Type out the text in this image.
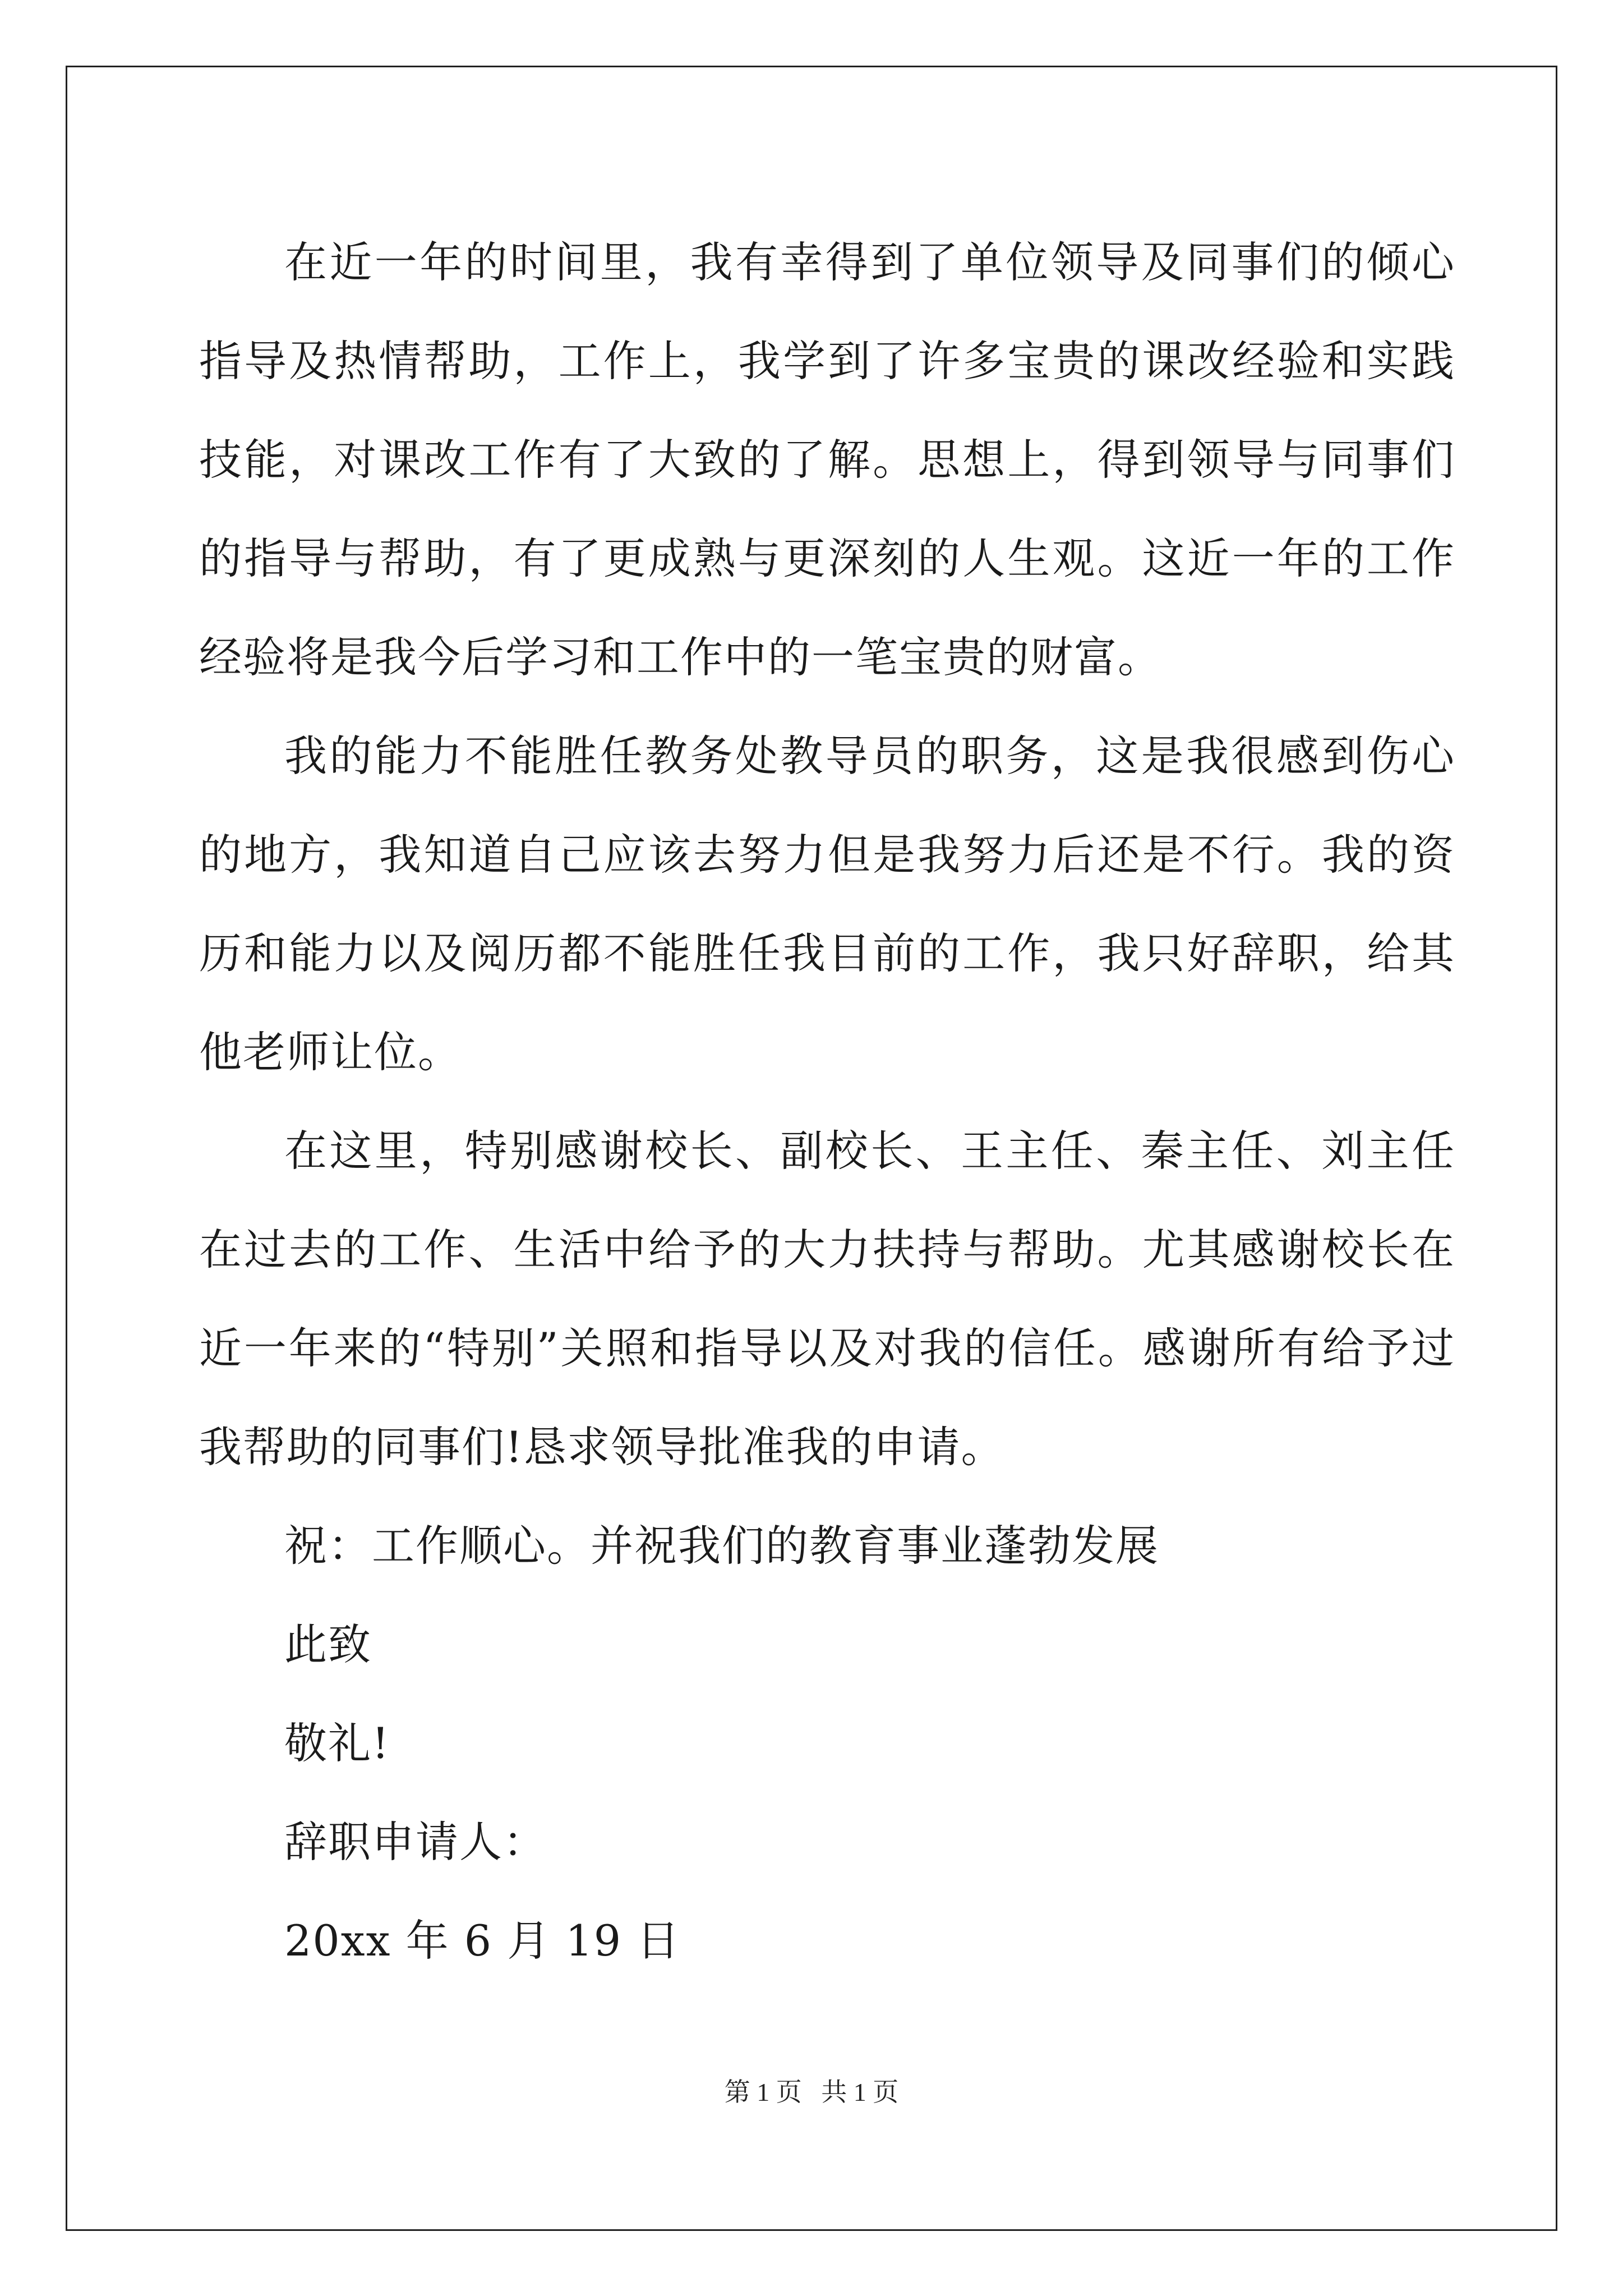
在近一年的时间里，我有幸得到了单位领导及同事们的倾心指导及热情帮助，工作上，我学到了许多宝贵的课改经验和实践技能，对课改工作有了大致的了解。思想上，得到领导与同事们的指导与帮助，有了更成熟与更深刻的人生观。这近一年的工作经验将是我今后学习和工作中的一笔宝贵的财富。

我的能力不能胜任教务处教导员的职务，这是我很感到伤心的地方，我知道自己应该去努力但是我努力后还是不行。我的资历和能力以及阅历都不能胜任我目前的工作，我只好辞职，给其他老师让位。

在这里，特别感谢校长、副校长、王主任、秦主任、刘主任在过去的工作、生活中给予的大力扶持与帮助。尤其感谢校长在近一年来的“特别”关照和指导以及对我的信任。感谢所有给予过我帮助的同事们!恳求领导批准我的申请。

祝：工作顺心。并祝我们的教育事业蓬勃发展

此致

敬礼!

辞职申请人：

20xx 年 6 月 19 日

第 1 页   共 1 页
